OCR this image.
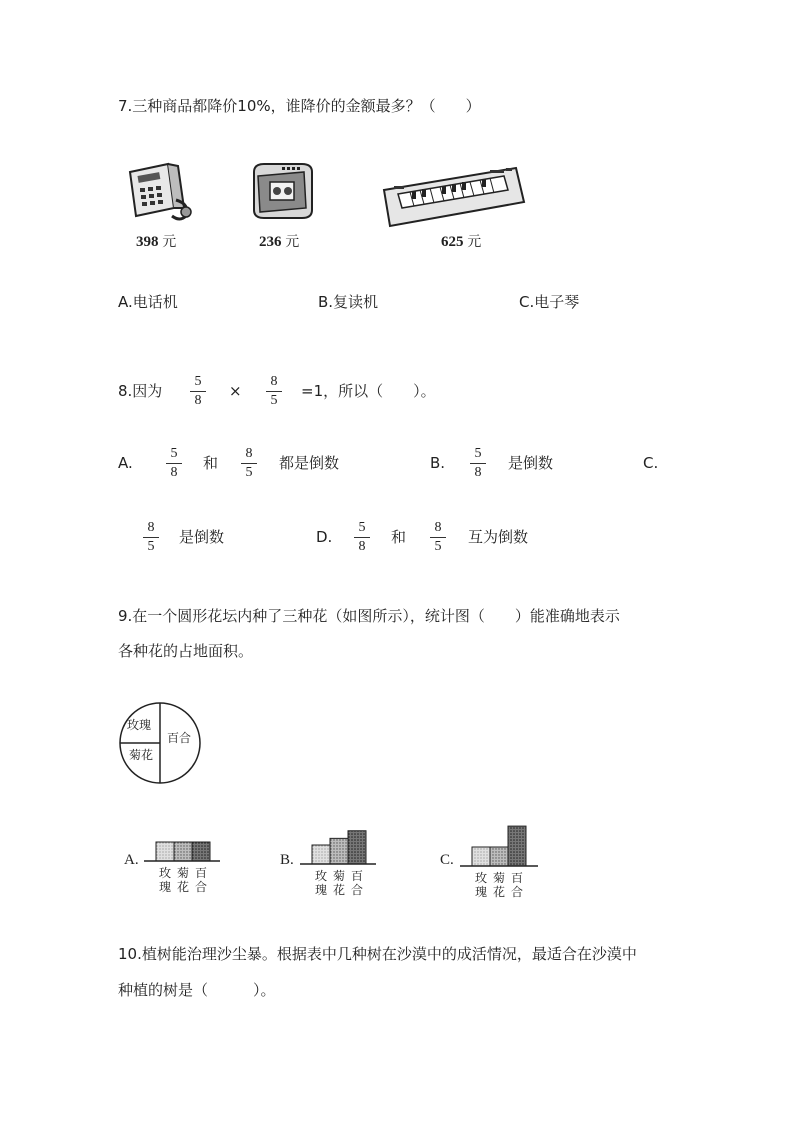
7.三种商品都降价10%，谁降价的金额最多？（　　）
398 元	236 元	625 元
A.电话机	B.复读机	C.电子琴
8.因为
5
8
×
8
5
=1，所以（　　）。
A.
5
8
和
8
5
都是倒数	B.
5
8
是倒数	C.
8
5
是倒数	D.
5
8
和
8
5
互为倒数
9.在一个圆形花坛内种了三种花（如图所示），统计图（　　）能准确地表示
各种花的占地面积。
玫瑰
菊花
百合
A.	B.	C.
玫
瑰
菊
花
百
合
玫
瑰
菊
花
百
合
玫
瑰
菊
花
百
合
10.植树能治理沙尘暴。根据表中几种树在沙漠中的成活情况，最适合在沙漠中
种植的树是（　　　）。
